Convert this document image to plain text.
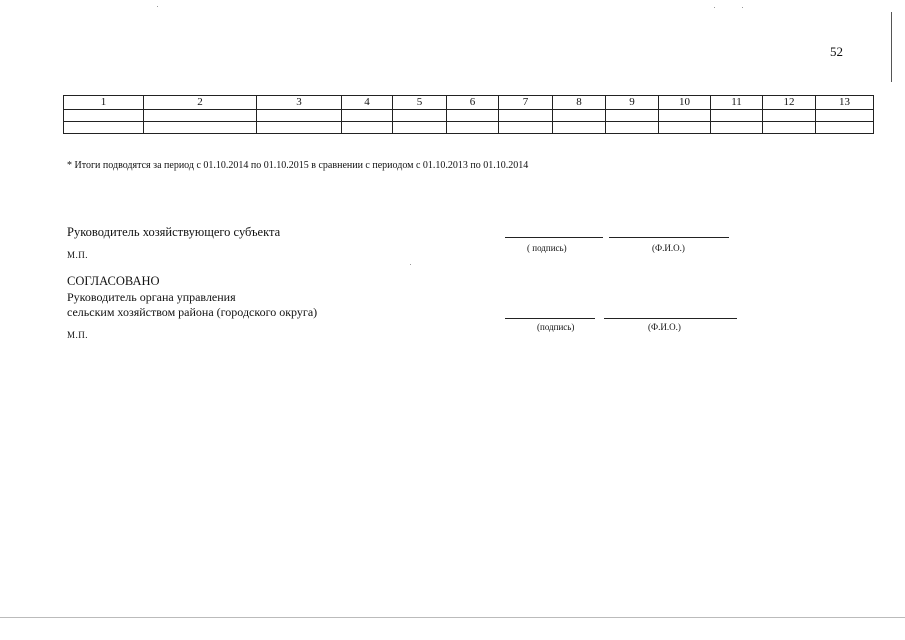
52
1	2	3	4	5	6	7	8	9	10	11	12	13

* Итоги подводятся за период с 01.10.2014 по 01.10.2015 в сравнении с периодом с 01.10.2013 по 01.10.2014
Руководитель хозяйствующего субъекта
( подпись)	(Ф.И.О.)
М.П.
СОГЛАСОВАНО
Руководитель органа управления
сельским хозяйством района (городского округа)
(подпись)	(Ф.И.О.)
М.П.
